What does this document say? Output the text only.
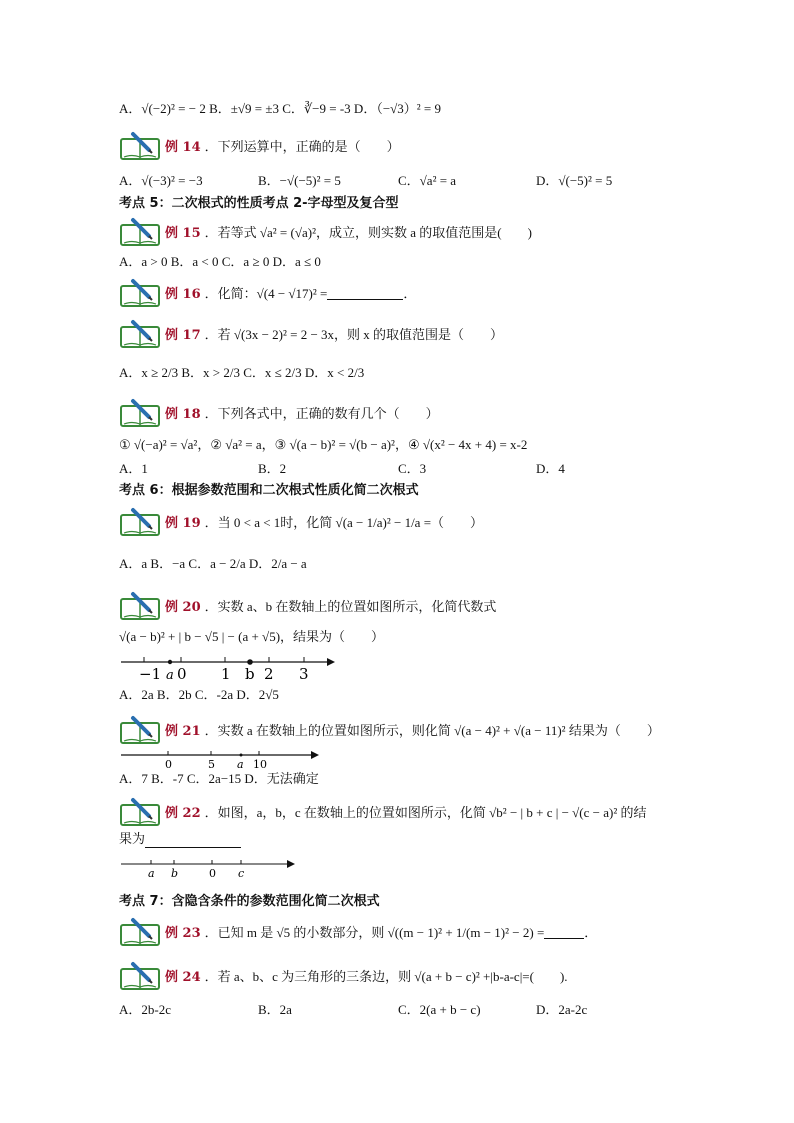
A．√(−2)² = − 2 B．±√9 = ±3 C．∛−9 = -3 D．（−√3）² = 9
例 14 ．下列运算中，正确的是（　　）
A．√(−3)² = −3	B．−√(−5)² = 5	C．√a² = a	D．√(−5)² = 5
考点 5：二次根式的性质考点 2-字母型及复合型
例 15 ．若等式 √a² = (√a)²，成立，则实数 a 的取值范围是(　　)
A．a > 0 B．a < 0 C．a ≥ 0 D．a ≤ 0
例 16 ．化简：√(4 − √17)² =	．
例 17 ．若 √(3x − 2)² = 2 − 3x，则 x 的取值范围是（　　）
A．x ≥ 2/3 B．x > 2/3 C．x ≤ 2/3 D．x < 2/3
例 18 ．下列各式中，正确的数有几个（　　）
① √(−a)² = √a²，② √a² = a，③ √(a − b)² = √(b − a)²，④ √(x² − 4x + 4) = x-2
A．1	B．2	C．3	D．4
考点 6：根据参数范围和二次根式性质化简二次根式
例 19 ．当 0 < a < 1时，化简 √(a − 1/a)² − 1/a =（　　）
A．a B．−a C．a − 2/a D．2/a − a
例 20 ．实数 a、b 在数轴上的位置如图所示，化简代数式
√(a − b)² + | b − √5 | − (a + √5)，结果为（　　）
−1 a 0 1 b 2 3
A．2a B．2b C．-2a D．2√5
例 21 ．实数 a 在数轴上的位置如图所示，则化简 √(a − 4)² + √(a − 11)² 结果为（　　）
0	5 a 10
A．7 B．-7 C．2a−15 D．无法确定
例 22 ．如图，a，b，c 在数轴上的位置如图所示，化简 √b² − | b + c | − √(c − a)² 的结
果为
a b	0 c
考点 7：含隐含条件的参数范围化简二次根式
例 23 ．已知 m 是 √5 的小数部分，则 √((m − 1)² + 1/(m − 1)² − 2) =	．
例 24 ．若 a、b、c 为三角形的三条边，则 √(a + b − c)² +|b-a-c|=(　　).
A．2b-2c	B．2a	C．2(a + b − c)	D．2a-2c
